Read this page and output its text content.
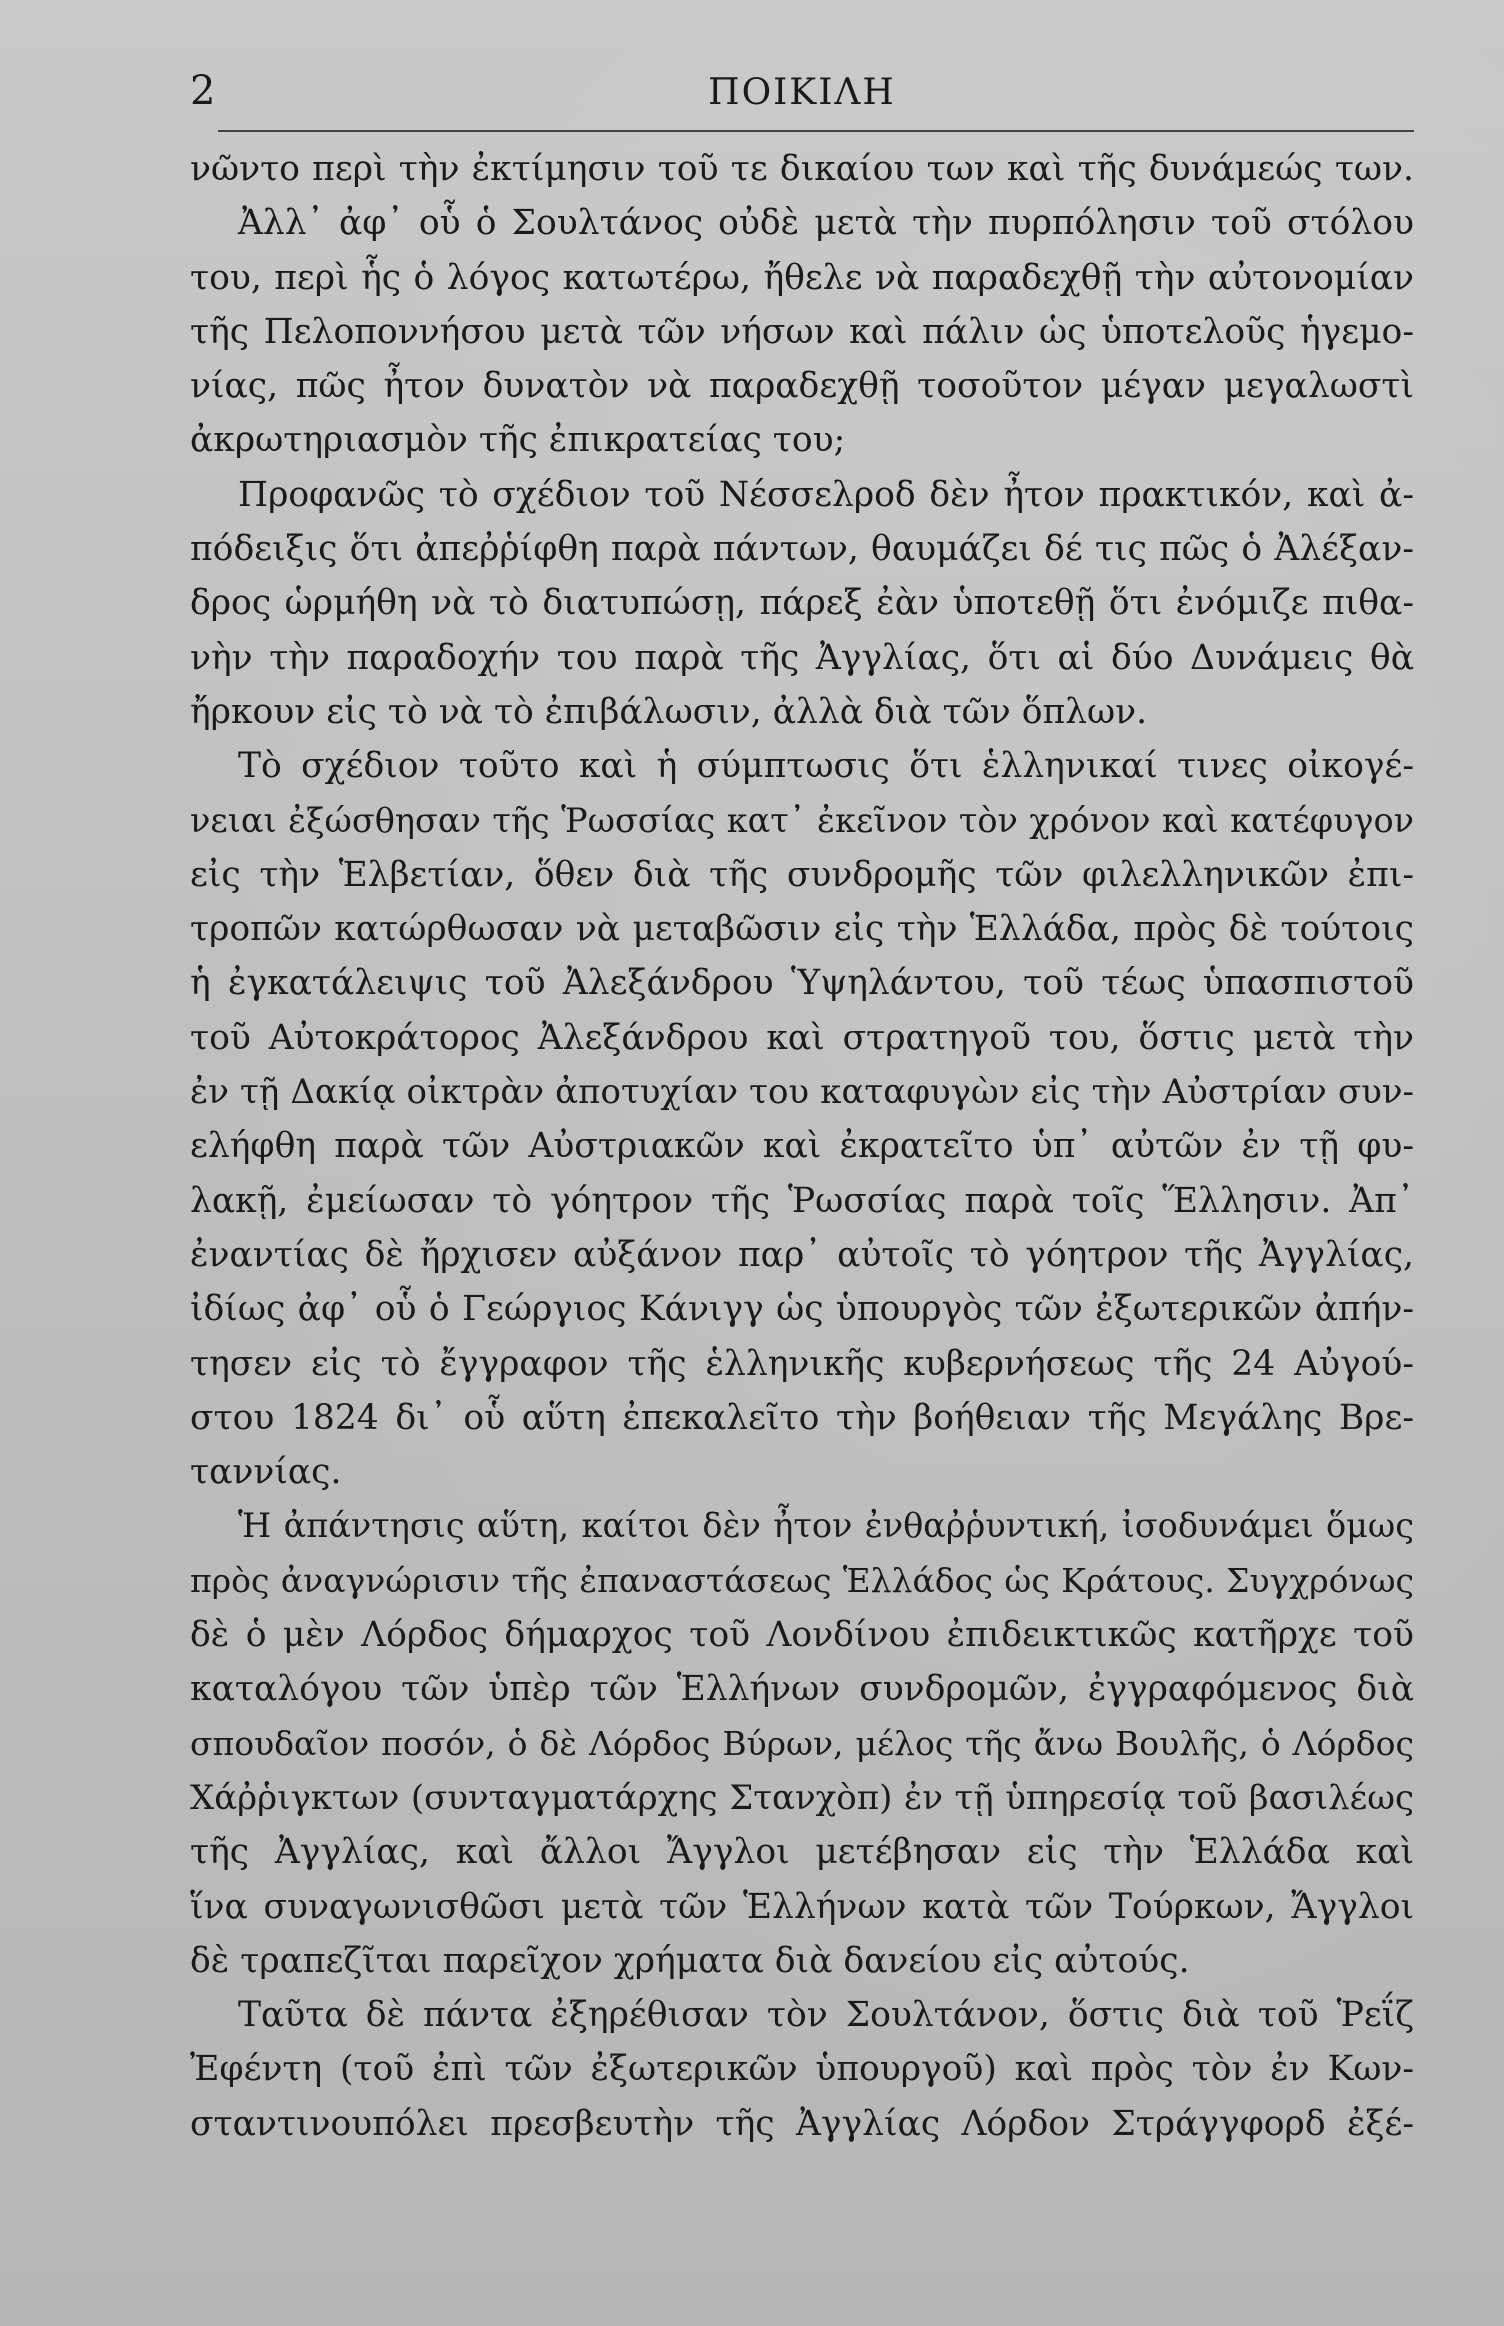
2	ΠΟΙΚΙΛΗ
νῶντο περὶ τὴν ἐκτίμησιν τοῦ τε δικαίου των καὶ τῆς δυνάμεώς των.
Ἀλλ᾽ ἀφ᾽ οὗ ὁ Σουλτάνος οὐδὲ μετὰ τὴν πυρπόλησιν τοῦ στόλου
του, περὶ ἧς ὁ λόγος κατωτέρω, ἤθελε νὰ παραδεχθῇ τὴν αὐτονομίαν
τῆς Πελοποννήσου μετὰ τῶν νήσων καὶ πάλιν ὡς ὑποτελοῦς ἡγεμο-
νίας, πῶς ἦτον δυνατὸν νὰ παραδεχθῇ τοσοῦτον μέγαν μεγαλωστὶ
ἀκρωτηριασμὸν τῆς ἐπικρατείας του;
Προφανῶς τὸ σχέδιον τοῦ Νέσσελροδ δὲν ἦτον πρακτικόν, καὶ ἀ-
πόδειξις ὅτι ἀπεῤῥίφθη παρὰ πάντων, θαυμάζει δέ τις πῶς ὁ Ἀλέξαν-
δρος ὡρμήθη νὰ τὸ διατυπώσῃ, πάρεξ ἐὰν ὑποτεθῇ ὅτι ἐνόμιζε πιθα-
νὴν τὴν παραδοχήν του παρὰ τῆς Ἀγγλίας, ὅτι αἱ δύο Δυνάμεις θὰ
ἤρκουν εἰς τὸ νὰ τὸ ἐπιβάλωσιν, ἀλλὰ διὰ τῶν ὅπλων.
Τὸ σχέδιον τοῦτο καὶ ἡ σύμπτωσις ὅτι ἑλληνικαί τινες οἰκογέ-
νειαι ἐξώσθησαν τῆς Ῥωσσίας κατ᾽ ἐκεῖνον τὸν χρόνον καὶ κατέφυγον
εἰς τὴν Ἑλβετίαν, ὅθεν διὰ τῆς συνδρομῆς τῶν φιλελληνικῶν ἐπι-
τροπῶν κατώρθωσαν νὰ μεταβῶσιν εἰς τὴν Ἑλλάδα, πρὸς δὲ τούτοις
ἡ ἐγκατάλειψις τοῦ Ἀλεξάνδρου Ὑψηλάντου, τοῦ τέως ὑπασπιστοῦ
τοῦ Αὐτοκράτορος Ἀλεξάνδρου καὶ στρατηγοῦ του, ὅστις μετὰ τὴν
ἐν τῇ Δακίᾳ οἰκτρὰν ἀποτυχίαν του καταφυγὼν εἰς τὴν Αὐστρίαν συν-
ελήφθη παρὰ τῶν Αὐστριακῶν καὶ ἐκρατεῖτο ὑπ᾽ αὐτῶν ἐν τῇ φυ-
λακῇ, ἐμείωσαν τὸ γόητρον τῆς Ῥωσσίας παρὰ τοῖς Ἕλλησιν. Ἀπ᾽
ἐναντίας δὲ ἤρχισεν αὐξάνον παρ᾽ αὐτοῖς τὸ γόητρον τῆς Ἀγγλίας,
ἰδίως ἀφ᾽ οὗ ὁ Γεώργιος Κάνιγγ ὡς ὑπουργὸς τῶν ἐξωτερικῶν ἀπήν-
τησεν εἰς τὸ ἔγγραφον τῆς ἑλληνικῆς κυβερνήσεως τῆς 24 Αὐγού-
στου 1824 δι᾽ οὗ αὕτη ἐπεκαλεῖτο τὴν βοήθειαν τῆς Μεγάλης Βρε-
ταννίας.
Ἡ ἀπάντησις αὕτη, καίτοι δὲν ἦτον ἐνθαῤῥυντική, ἰσοδυνάμει ὅμως
πρὸς ἀναγνώρισιν τῆς ἐπαναστάσεως Ἑλλάδος ὡς Κράτους. Συγχρόνως
δὲ ὁ μὲν Λόρδος δήμαρχος τοῦ Λονδίνου ἐπιδεικτικῶς κατῆρχε τοῦ
καταλόγου τῶν ὑπὲρ τῶν Ἑλλήνων συνδρομῶν, ἐγγραφόμενος διὰ
σπουδαῖον ποσόν, ὁ δὲ Λόρδος Βύρων, μέλος τῆς ἄνω Βουλῆς, ὁ Λόρδος
Χάῤῥιγκτων (συνταγματάρχης Στανχὸπ) ἐν τῇ ὑπηρεσίᾳ τοῦ βασιλέως
τῆς Ἀγγλίας, καὶ ἄλλοι Ἄγγλοι μετέβησαν εἰς τὴν Ἑλλάδα καὶ
ἵνα συναγωνισθῶσι μετὰ τῶν Ἑλλήνων κατὰ τῶν Τούρκων, Ἄγγλοι
δὲ τραπεζῖται παρεῖχον χρήματα διὰ δανείου εἰς αὐτούς.
Ταῦτα δὲ πάντα ἐξηρέθισαν τὸν Σουλτάνον, ὅστις διὰ τοῦ Ῥεΐζ
Ἐφέντη (τοῦ ἐπὶ τῶν ἐξωτερικῶν ὑπουργοῦ) καὶ πρὸς τὸν ἐν Κων-
σταντινουπόλει πρεσβευτὴν τῆς Ἀγγλίας Λόρδον Στράγγφορδ ἐξέ-
